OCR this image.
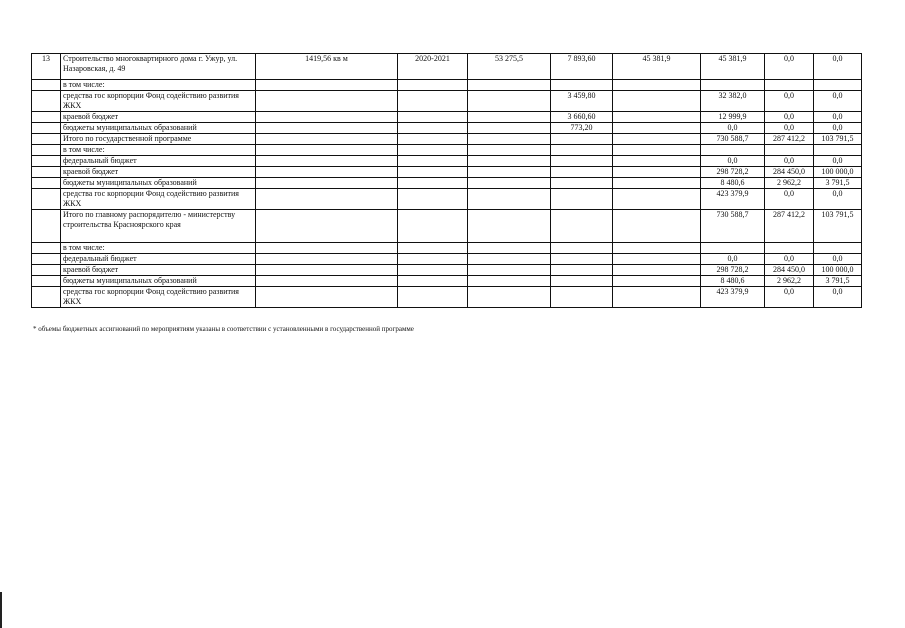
13	Строительство многоквартирного дома г. Ужур, ул. Назаровская, д. 49	1419,56 кв м	2020-2021	53 275,5	7 893,60	45 381,9	45 381,9	0,0	0,0
	в том числе:								
	средства гос корпорции Фонд содействию развития ЖКХ				3 459,80		32 382,0	0,0	0,0
	краевой бюджет				3 660,60		12 999,9	0,0	0,0
	бюджеты муниципальных образований				773,20		0,0	0,0	0,0
	Итого по государственной программе						730 588,7	287 412,2	103 791,5
	в том числе:								
	федеральный бюджет						0,0	0,0	0,0
	краевой бюджет						298 728,2	284 450,0	100 000,0
	бюджеты муниципальных образований						8 480,6	2 962,2	3 791,5
	средства гос корпорции Фонд содействию развития ЖКХ						423 379,9	0,0	0,0
	Итого по главному распорядителю - министерству строительства Красноярского края						730 588,7	287 412,2	103 791,5
	в том числе:								
	федеральный бюджет						0,0	0,0	0,0
	краевой бюджет						298 728,2	284 450,0	100 000,0
	бюджеты муниципальных образований						8 480,6	2 962,2	3 791,5
	средства гос корпорции Фонд содействию развития ЖКХ						423 379,9	0,0	0,0
* объемы бюджетных ассигнований по мероприятиям указаны в соответствии с установленными в государственной программе
